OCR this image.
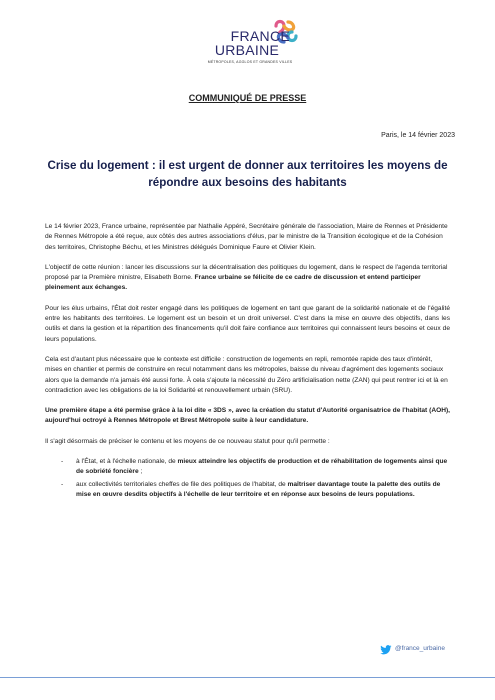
FRANCE
URBAINE
MÉTROPOLES, AGGLOS ET GRANDES VILLES
COMMUNIQUÉ DE PRESSE
Paris, le 14 février 2023
Crise du logement : il est urgent de donner aux territoires les moyens de
répondre aux besoins des habitants

Le 14 février 2023, France urbaine, représentée par Nathalie Appéré, Secrétaire générale de l'association, Maire de Rennes et Présidente de Rennes Métropole a été reçue, aux côtés des autres associations d'élus, par le ministre de la Transition écologique et de la Cohésion des territoires, Christophe Béchu, et les Ministres délégués Dominique Faure et Olivier Klein.

L'objectif de cette réunion : lancer les discussions sur la décentralisation des politiques du logement, dans le respect de l'agenda territorial proposé par la Première ministre, Elisabeth Borne. France urbaine se félicite de ce cadre de discussion et entend participer pleinement aux échanges.

Pour les élus urbains, l'État doit rester engagé dans les politiques de logement en tant que garant de la solidarité nationale et de l'égalité entre les habitants des territoires. Le logement est un besoin et un droit universel. C'est dans la mise en œuvre des objectifs, dans les outils et dans la gestion et la répartition des financements qu'il doit faire confiance aux territoires qui connaissent leurs besoins et ceux de leurs populations.

Cela est d'autant plus nécessaire que le contexte est difficile : construction de logements en repli, remontée rapide des taux d'intérêt, mises en chantier et permis de construire en recul notamment dans les métropoles, baisse du niveau d'agrément des logements sociaux alors que la demande n'a jamais été aussi forte. À cela s'ajoute la nécessité du Zéro artificialisation nette (ZAN) qui peut rentrer ici et là en contradiction avec les obligations de la loi Solidarité et renouvellement urbain (SRU).

Une première étape a été permise grâce à la loi dite « 3DS », avec la création du statut d'Autorité organisatrice de l'habitat (AOH), aujourd'hui octroyé à Rennes Métropole et Brest Métropole suite à leur candidature.

Il s'agit désormais de préciser le contenu et les moyens de ce nouveau statut pour qu'il permette :

- à l'État, et à l'échelle nationale, de mieux atteindre les objectifs de production et de réhabilitation de logements ainsi que de sobriété foncière ;
- aux collectivités territoriales cheffes de file des politiques de l'habitat, de maîtriser davantage toute la palette des outils de mise en œuvre desdits objectifs à l'échelle de leur territoire et en réponse aux besoins de leurs populations.
@france_urbaine
